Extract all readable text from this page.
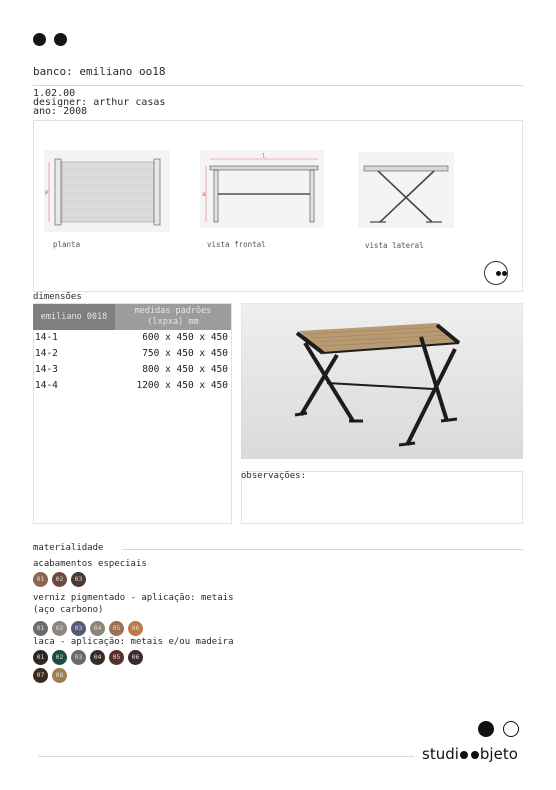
banco: emiliano oo18
1.02.00
designer: arthur casas
ano: 2008
P
planta
l
a
vista frontal	vista lateral
dimensões
emiliano 0018	medidas padrões
(lxpxa) mm

14-1	600 x 450 x 450
14-2	750 x 450 x 450
14-3	800 x 450 x 450
14-4	1200 x 450 x 450
observações:
materialidade
acabamentos especiais
01	02	03
verniz pigmentado - aplicação: metais
(aço carbono)
01	02	03	04	05	06
laca - aplicação: metais e/ou madeira
01	02	03	04	05	06
07	08
studi bjeto
